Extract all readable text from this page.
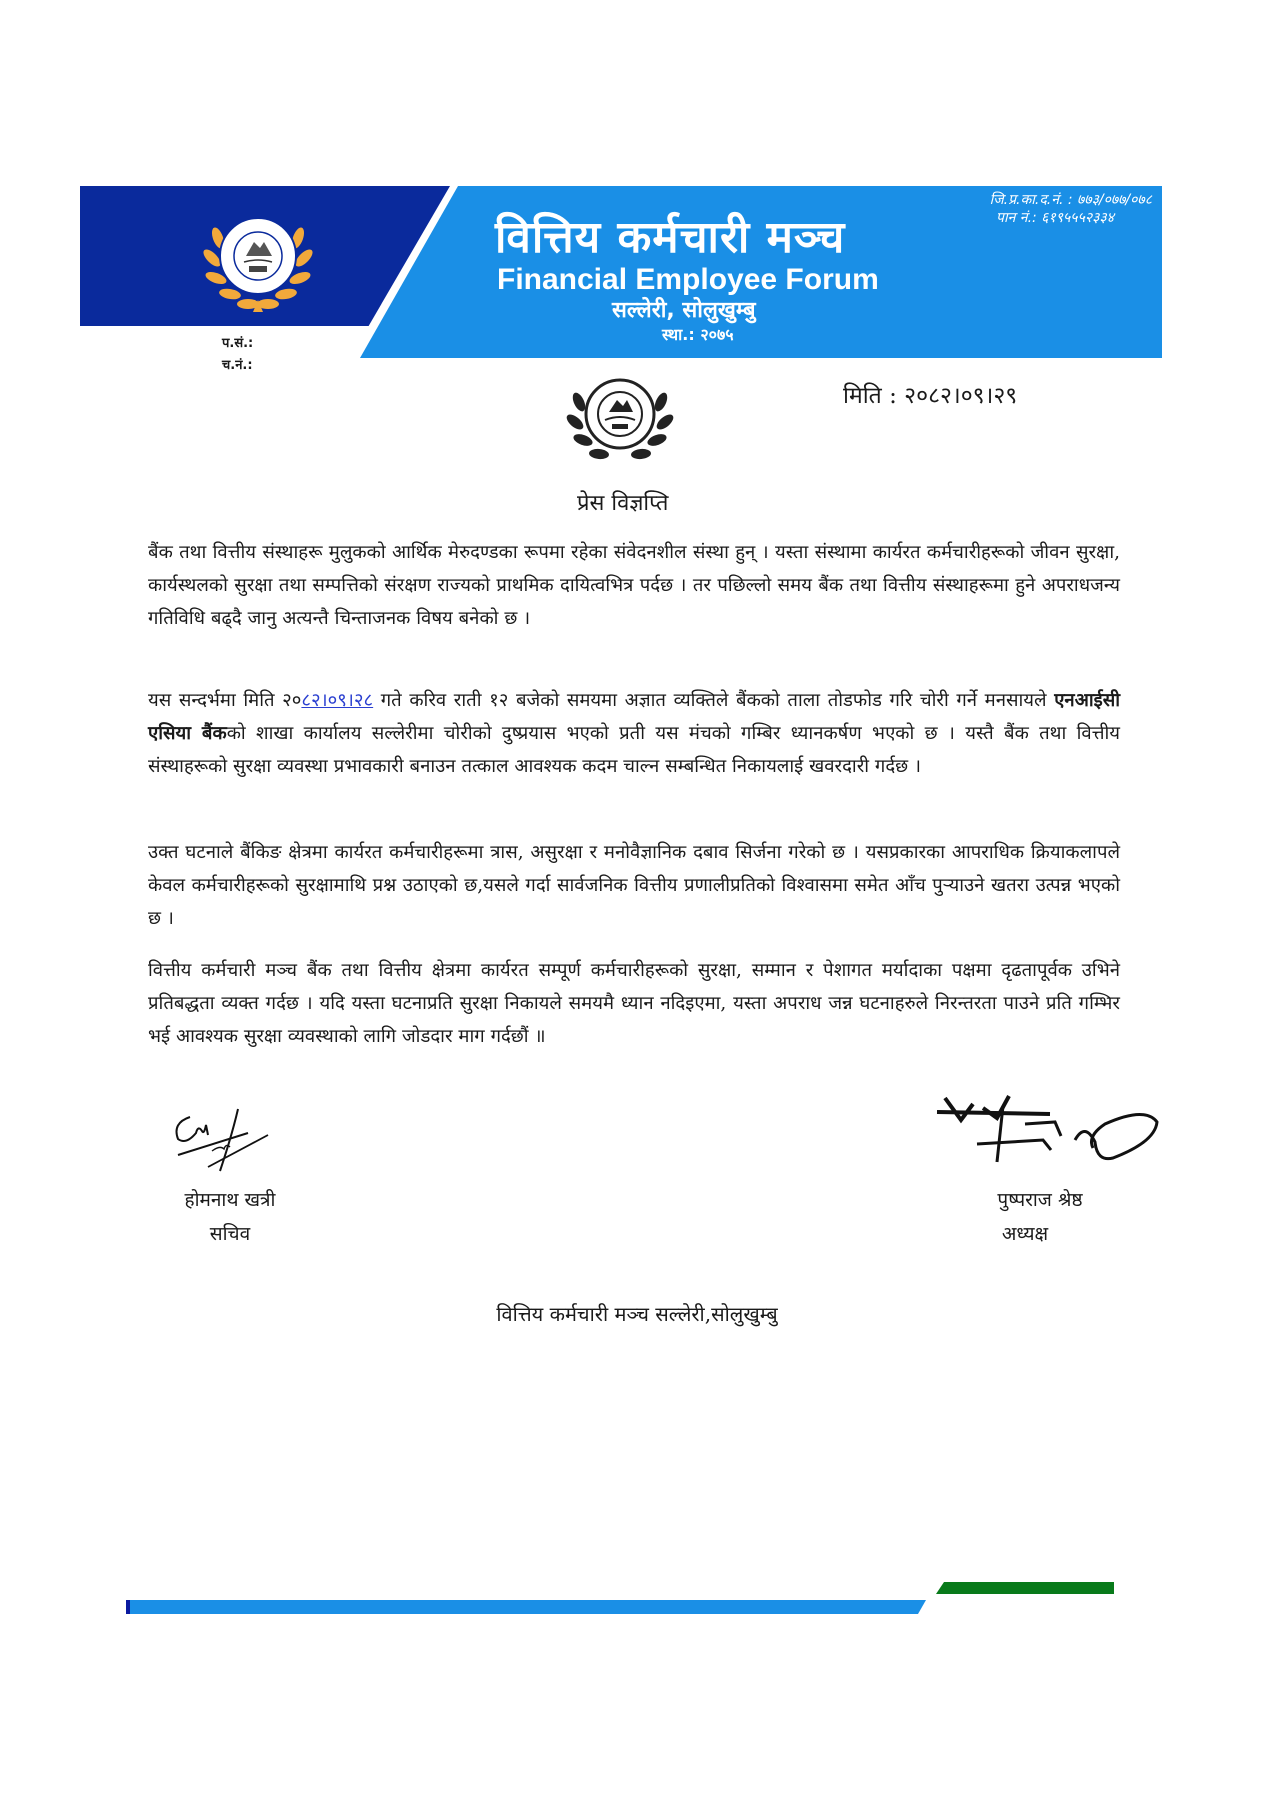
जि.प्र.का.द.नं. : ७७३/०७७/०७८
पान नं.: ६१९५५५२३३४
वित्तिय कर्मचारी मञ्च
Financial Employee Forum
सल्लेरी, सोलुखुम्बु
स्था.: २०७५
प.सं.:
च.नं.:
मिति : २०८२।०९।२९
प्रेस विज्ञप्ति
बैंक तथा वित्तीय संस्थाहरू मुलुकको आर्थिक मेरुदण्डका रूपमा रहेका संवेदनशील संस्था हुन् । यस्ता संस्थामा कार्यरत कर्मचारीहरूको जीवन सुरक्षा, कार्यस्थलको सुरक्षा तथा सम्पत्तिको संरक्षण राज्यको प्राथमिक दायित्वभित्र पर्दछ । तर पछिल्लो समय बैंक तथा वित्तीय संस्थाहरूमा हुने अपराधजन्य गतिविधि बढ्दै जानु अत्यन्तै चिन्ताजनक विषय बनेको छ ।
यस सन्दर्भमा मिति २०८२।०९।२८ गते करिव राती १२ बजेको समयमा अज्ञात व्यक्तिले बैंकको ताला तोडफोड गरि चोरी गर्ने मनसायले एनआईसी एसिया बैंकको शाखा कार्यालय सल्लेरीमा चोरीको दुष्प्रयास भएको प्रती यस मंचको गम्बिर ध्यानकर्षण भएको छ । यस्तै बैंक तथा वित्तीय संस्थाहरूको सुरक्षा व्यवस्था प्रभावकारी बनाउन तत्काल आवश्यक कदम चाल्न सम्बन्धित निकायलाई खवरदारी गर्दछ ।
उक्त घटनाले बैंकिङ क्षेत्रमा कार्यरत कर्मचारीहरूमा त्रास, असुरक्षा र मनोवैज्ञानिक दबाव सिर्जना गरेको छ । यसप्रकारका आपराधिक क्रियाकलापले केवल कर्मचारीहरूको सुरक्षामाथि प्रश्न उठाएको छ,यसले गर्दा सार्वजनिक वित्तीय प्रणालीप्रतिको विश्वासमा समेत आँच पुऱ्याउने खतरा उत्पन्न भएको छ ।
वित्तीय कर्मचारी मञ्च बैंक तथा वित्तीय क्षेत्रमा कार्यरत सम्पूर्ण कर्मचारीहरूको सुरक्षा, सम्मान र पेशागत मर्यादाका पक्षमा दृढतापूर्वक उभिने प्रतिबद्धता व्यक्त गर्दछ । यदि यस्ता घटनाप्रति सुरक्षा निकायले समयमै ध्यान नदिइएमा, यस्ता अपराध जन्न घटनाहरुले निरन्तरता पाउने प्रति गम्भिर भई आवश्यक सुरक्षा व्यवस्थाको लागि जोडदार माग गर्दछौं ॥
होमनाथ खत्री
सचिव
पुष्पराज श्रेष्ठ
अध्यक्ष
वित्तिय कर्मचारी मञ्च सल्लेरी,सोलुखुम्बु
